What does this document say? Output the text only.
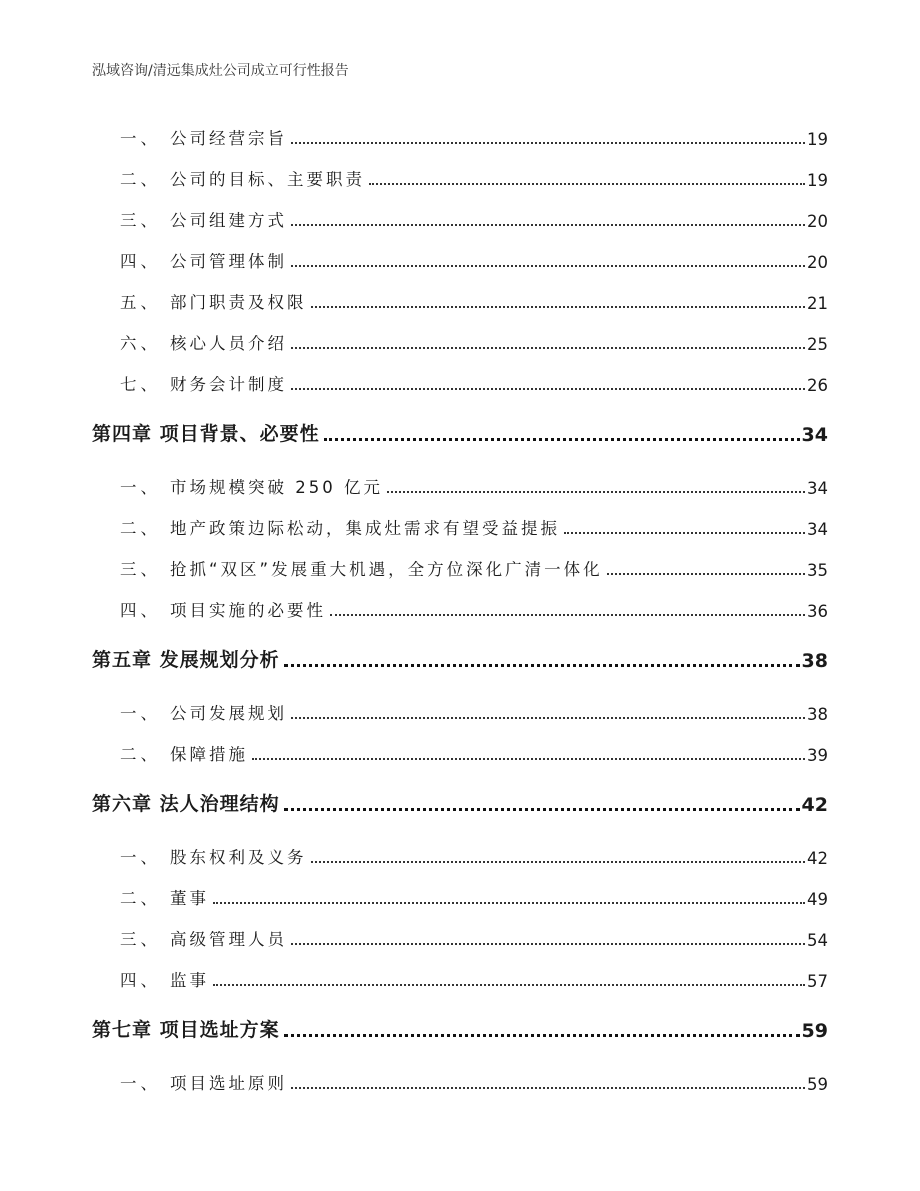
泓域咨询/清远集成灶公司成立可行性报告
一、 公司经营宗旨	19
二、 公司的目标、主要职责	19
三、 公司组建方式	20
四、 公司管理体制	20
五、 部门职责及权限	21
六、 核心人员介绍	25
七、 财务会计制度	26
第四章 项目背景、必要性	34
一、 市场规模突破 250 亿元	34
二、 地产政策边际松动，集成灶需求有望受益提振	34
三、 抢抓“双区”发展重大机遇，全方位深化广清一体化	35
四、 项目实施的必要性	36
第五章 发展规划分析	38
一、 公司发展规划	38
二、 保障措施	39
第六章 法人治理结构	42
一、 股东权利及义务	42
二、 董事	49
三、 高级管理人员	54
四、 监事	57
第七章 项目选址方案	59
一、 项目选址原则	59
